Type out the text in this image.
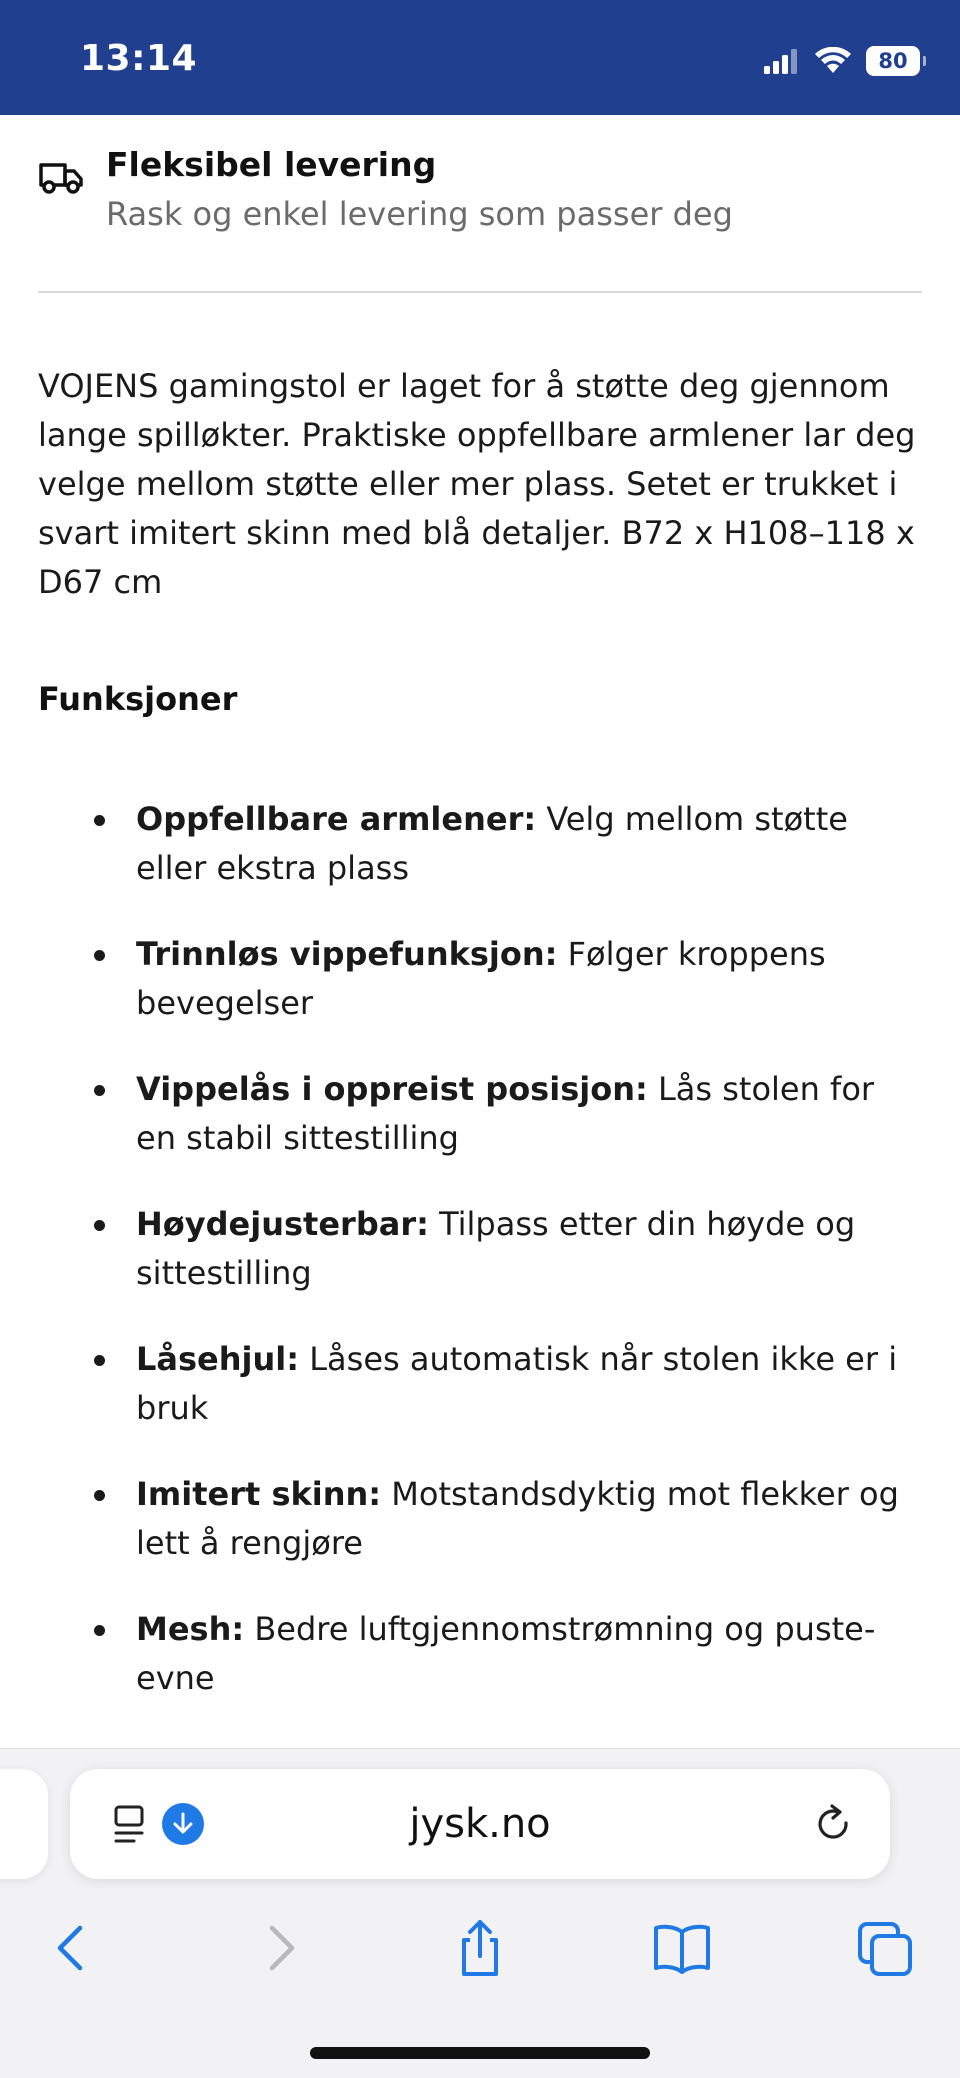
13:14	80
Fleksibel levering
Rask og enkel levering som passer deg
VOJENS gamingstol er laget for å støtte deg gjennom lange spilløkter. Praktiske oppfellbare armlener lar deg velge mellom støtte eller mer plass. Setet er trukket i svart imitert skinn med blå detaljer. B72 x H108–118 x D67 cm
Funksjoner
Oppfellbare armlener: Velg mellom støtte eller ekstra plass
Trinnløs vippefunksjon: Følger kroppens bevegelser
Vippelås i oppreist posisjon: Lås stolen for en stabil sittestilling
Høydejusterbar: Tilpass etter din høyde og sittestilling
Låsehjul: Låses automatisk når stolen ikke er i bruk
Imitert skinn: Motstandsdyktig mot flekker og lett å rengjøre
Mesh: Bedre luftgjennomstrømning og pusteevne
jysk.no
